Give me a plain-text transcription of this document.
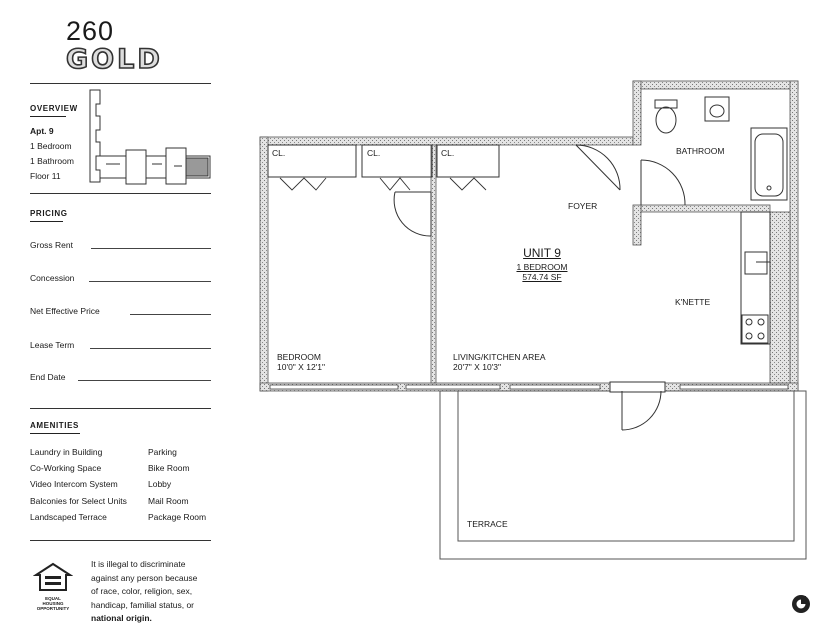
260
GOLD
OVERVIEW
Apt. 9
1 Bedroom
1 Bathroom
Floor 11
PRICING
Gross Rent
Concession
Net Effective Price
Lease Term
End Date
AMENITIES
Laundry in Building
Co-Working Space
Video Intercom System
Balconies for Select Units
Landscaped Terrace
Parking
Bike Room
Lobby
Mail Room
Package Room
EQUAL HOUSING
OPPORTUNITY
It is illegal to discriminate
against any person because
of race, color, religion, sex,
handicap, familial status, or
national origin.
CL.	CL.	CL.	BATHROOM
FOYER
UNIT 9
1 BEDROOM
574.74 SF
K'NETTE
BEDROOM
10'0" X 12'1"
LIVING/KITCHEN AREA
20'7" X 10'3"
TERRACE
